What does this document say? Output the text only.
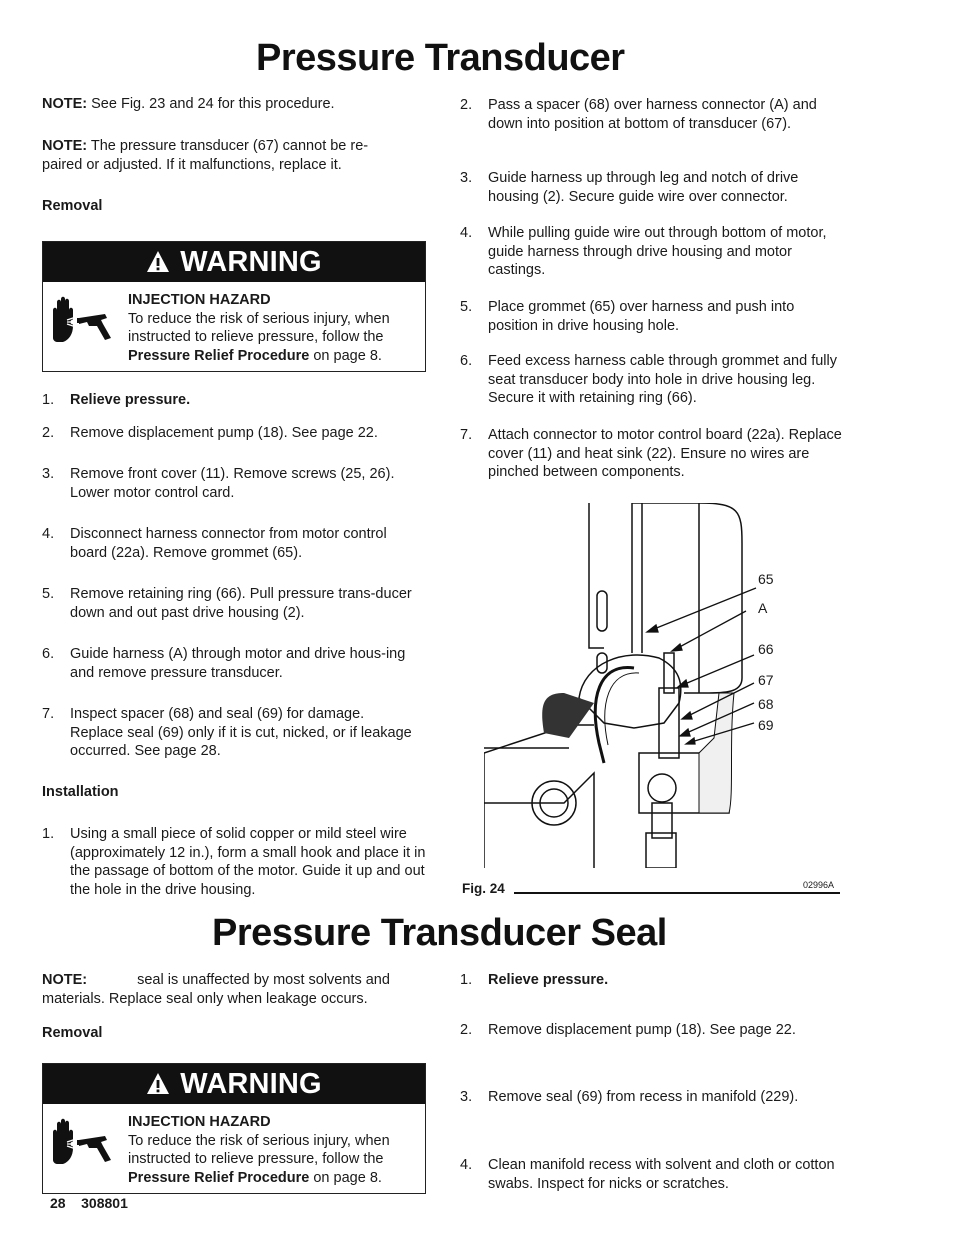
Pressure Transducer
NOTE: See Fig. 23 and 24 for this procedure.
NOTE: The pressure transducer (67) cannot be re-
paired or adjusted. If it malfunctions, replace it.
Removal
WARNING
INJECTION HAZARD
To reduce the risk of serious injury, when
instructed to relieve pressure, follow the
Pressure Relief Procedure on page 8.
1.	Relieve pressure.
2.	Remove displacement pump (18). See page 22.
3.	Remove front cover (11). Remove screws (25, 26). Lower motor control card.
4.	Disconnect harness connector from motor control board (22a). Remove grommet (65).
5.	Remove retaining ring (66). Pull pressure trans-ducer down and out past drive housing (2).
6.	Guide harness (A) through motor and drive hous-ing and remove pressure transducer.
7.	Inspect spacer (68) and seal (69) for damage. Replace seal (69) only if it is cut, nicked, or if leakage occurred. See page 28.
Installation
1.	Using a small piece of solid copper or mild steel wire (approximately 12 in.), form a small hook and place it in the passage of bottom of the motor. Guide it up and out the hole in the drive housing.
2.	Pass a spacer (68) over harness connector (A) and down into position at bottom of transducer (67).
3.	Guide harness up through leg and notch of drive housing (2). Secure guide wire over connector.
4.	While pulling guide wire out through bottom of motor, guide harness through drive housing and motor castings.
5.	Place grommet (65) over harness and push into position in drive housing hole.
6.	Feed excess harness cable through grommet and fully seat transducer body into hole in drive housing leg. Secure it with retaining ring (66).
7.	Attach connector to motor control board (22a). Replace cover (11) and heat sink (22). Ensure no wires are pinched between components.
65
A
66
67
68
69
02996A
Fig. 24
Pressure Transducer Seal
NOTE:	seal is unaffected by most solvents and
materials. Replace seal only when leakage occurs.
Removal
WARNING
INJECTION HAZARD
To reduce the risk of serious injury, when
instructed to relieve pressure, follow the
Pressure Relief Procedure on page 8.
1.	Relieve pressure.
2.	Remove displacement pump (18). See page 22.
3.	Remove seal (69) from recess in manifold (229).
4.	Clean manifold recess with solvent and cloth or cotton swabs. Inspect for nicks or scratches.
28 308801
